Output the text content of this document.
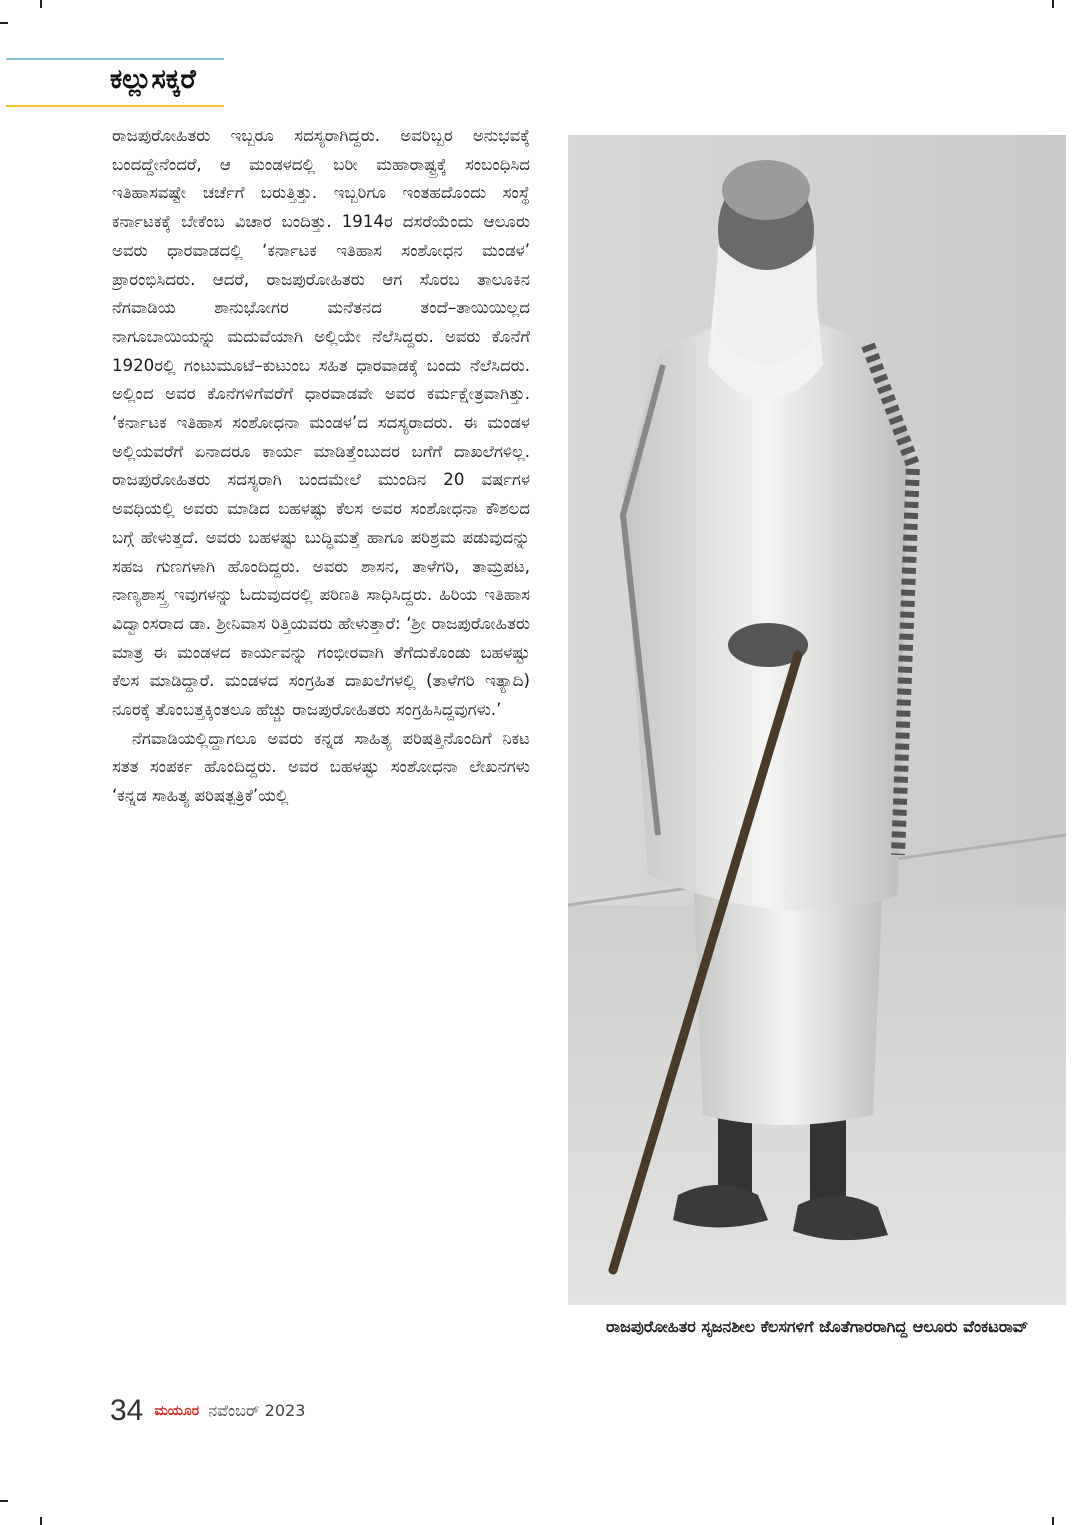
ಕಲ್ಲುಸಕ್ಕರೆ

ರಾಜಪುರೋಹಿತರು ಇಬ್ಬರೂ ಸದಸ್ಯರಾಗಿದ್ದರು. ಅವರಿಬ್ಬರ ಅನುಭವಕ್ಕೆ ಬಂದದ್ದೇನೆಂದರೆ, ಆ ಮಂಡಳದಲ್ಲಿ ಬರೀ ಮಹಾರಾಷ್ಟ್ರಕ್ಕೆ ಸಂಬಂಧಿಸಿದ ಇತಿಹಾಸವಷ್ಟೇ ಚರ್ಚೆಗೆ ಬರುತ್ತಿತ್ತು. ಇಬ್ಬರಿಗೂ ಇಂತಹದೊಂದು ಸಂಸ್ಥೆ ಕರ್ನಾಟಕಕ್ಕೆ ಬೇಕೆಂಬ ವಿಚಾರ ಬಂದಿತ್ತು. 1914ರ ದಸರೆಯೆಂದು ಆಲೂರು ಅವರು ಧಾರವಾಡದಲ್ಲಿ ‘ಕರ್ನಾಟಕ ಇತಿಹಾಸ ಸಂಶೋಧನ ಮಂಡಳ’ ಪ್ರಾರಂಭಿಸಿದರು. ಆದರೆ, ರಾಜಪುರೋಹಿತರು ಆಗ ಸೊರಬ ತಾಲೂಕಿನ ನೆಗವಾಡಿಯ ಶಾನುಭೋಗರ ಮನೆತನದ ತಂದೆ–ತಾಯಿಯಿಲ್ಲದ ನಾಗೂಬಾಯಿಯನ್ನು ಮದುವೆಯಾಗಿ ಅಲ್ಲಿಯೇ ನೆಲೆಸಿದ್ದರು. ಅವರು ಕೊನೆಗೆ 1920ರಲ್ಲಿ ಗಂಟುಮೂಟೆ–ಕುಟುಂಬ ಸಹಿತ ಧಾರವಾಡಕ್ಕೆ ಬಂದು ನೆಲೆಸಿದರು. ಅಲ್ಲಿಂದ ಅವರ ಕೊನೆಗಳಿಗೆವರೆಗೆ ಧಾರವಾಡವೇ ಅವರ ಕರ್ಮಕ್ಷೇತ್ರವಾಗಿತ್ತು. ‘ಕರ್ನಾಟಕ ಇತಿಹಾಸ ಸಂಶೋಧನಾ ಮಂಡಳ’ದ ಸದಸ್ಯರಾದರು. ಈ ಮಂಡಳ ಅಲ್ಲಿಯವರೆಗೆ ಏನಾದರೂ ಕಾರ್ಯ ಮಾಡಿತ್ತೆಂಬುದರ ಬಗೆಗೆ ದಾಖಲೆಗಳಿಲ್ಲ. ರಾಜಪುರೋಹಿತರು ಸದಸ್ಯರಾಗಿ ಬಂದಮೇಲೆ ಮುಂದಿನ 20 ವರ್ಷಗಳ ಅವಧಿಯಲ್ಲಿ ಅವರು ಮಾಡಿದ ಬಹಳಷ್ಟು ಕೆಲಸ ಅವರ ಸಂಶೋಧನಾ ಕೌಶಲದ ಬಗ್ಗೆ ಹೇಳುತ್ತದೆ. ಅವರು ಬಹಳಷ್ಟು ಬುದ್ಧಿಮತ್ತೆ ಹಾಗೂ ಪರಿಶ್ರಮ ಪಡುವುದನ್ನು ಸಹಜ ಗುಣಗಳಾಗಿ ಹೊಂದಿದ್ದರು. ಅವರು ಶಾಸನ, ತಾಳೆಗರಿ, ತಾಮ್ರಪಟ, ನಾಣ್ಯಶಾಸ್ತ್ರ ಇವುಗಳನ್ನು ಓದುವುದರಲ್ಲಿ ಪರಿಣತಿ ಸಾಧಿಸಿದ್ದರು. ಹಿರಿಯ ಇತಿಹಾಸ ವಿದ್ವಾಂಸರಾದ ಡಾ. ಶ್ರೀನಿವಾಸ ರಿತ್ತಿಯವರು ಹೇಳುತ್ತಾರೆ: ‘ಶ್ರೀ ರಾಜಪುರೋಹಿತರು ಮಾತ್ರ ಈ ಮಂಡಳದ ಕಾರ್ಯವನ್ನು ಗಂಭೀರವಾಗಿ ತೆಗೆದುಕೊಂಡು ಬಹಳಷ್ಟು ಕೆಲಸ ಮಾಡಿದ್ದಾರೆ. ಮಂಡಳದ ಸಂಗ್ರಹಿತ ದಾಖಲೆಗಳಲ್ಲಿ (ತಾಳೆಗರಿ ಇತ್ಯಾದಿ) ನೂರಕ್ಕೆ ತೊಂಬತ್ತಕ್ಕಿಂತಲೂ ಹೆಚ್ಚು ರಾಜಪುರೋಹಿತರು ಸಂಗ್ರಹಿಸಿದ್ದವುಗಳು.’

ನೆಗವಾಡಿಯಲ್ಲಿದ್ದಾಗಲೂ ಅವರು ಕನ್ನಡ ಸಾಹಿತ್ಯ ಪರಿಷತ್ತಿನೊಂದಿಗೆ ನಿಕಟ ಸತತ ಸಂಪರ್ಕ ಹೊಂದಿದ್ದರು. ಅವರ ಬಹಳಷ್ಟು ಸಂಶೋಧನಾ ಲೇಖನಗಳು ‘ಕನ್ನಡ ಸಾಹಿತ್ಯ ಪರಿಷತ್ಪತ್ರಿಕೆ’ಯಲ್ಲಿ

ರಾಜಪುರೋಹಿತರ ಸೃಜನಶೀಲ ಕೆಲಸಗಳಿಗೆ ಜೊತೆಗಾರರಾಗಿದ್ದ ಆಲೂರು ವೆಂಕಟರಾವ್
34 ಮಯೂರ ನವೆಂಬರ್ 2023
